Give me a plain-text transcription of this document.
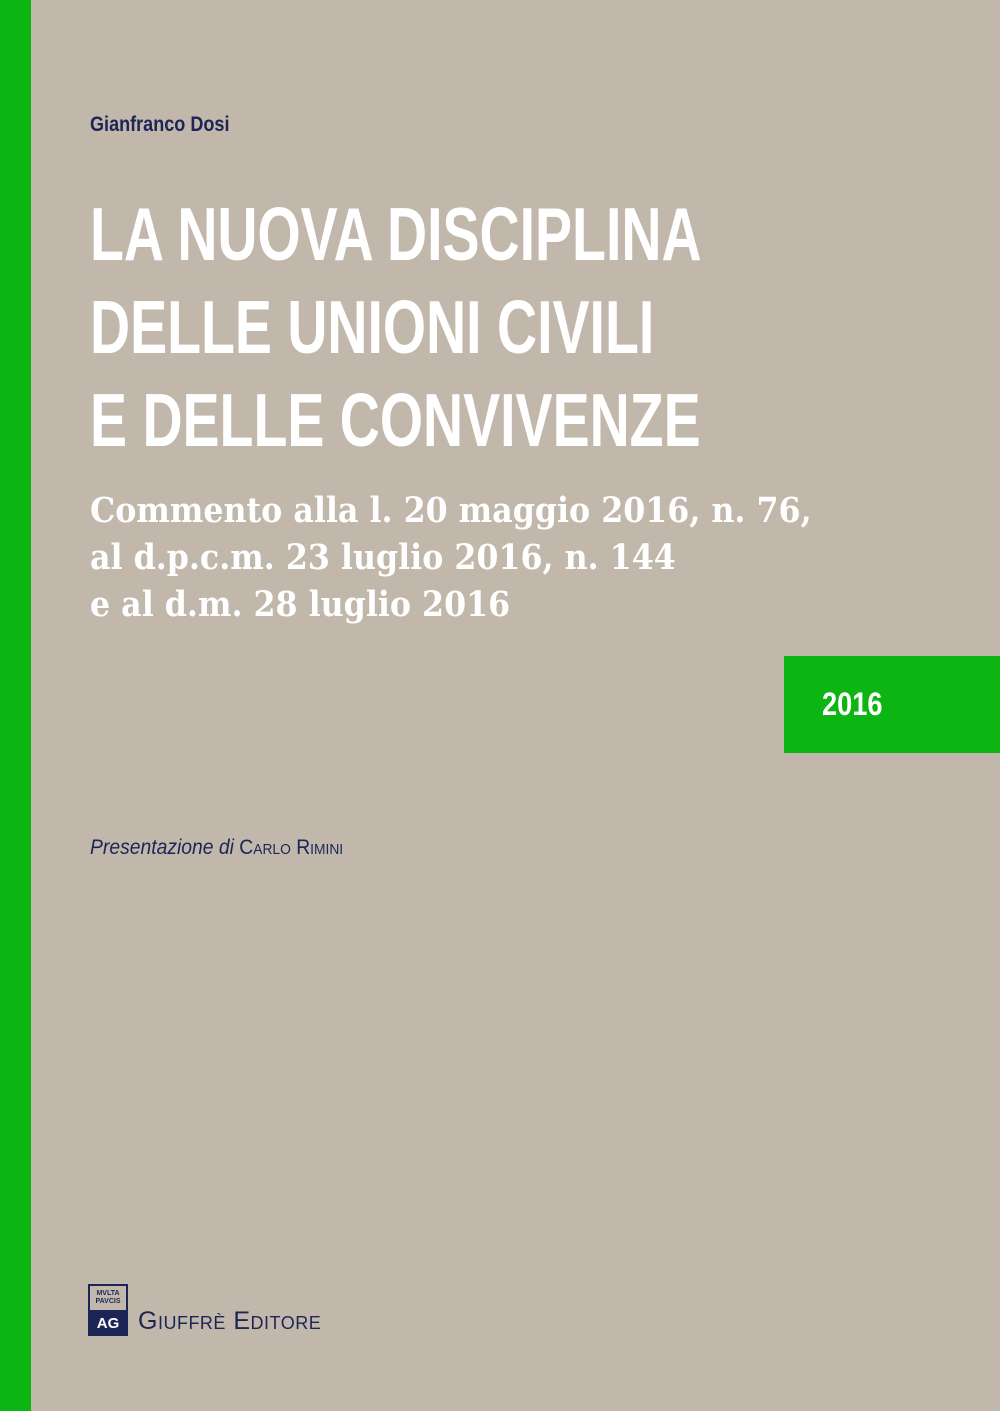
Gianfranco Dosi
LA NUOVA DISCIPLINA
DELLE UNIONI CIVILI
E DELLE CONVIVENZE
Commento alla l. 20 maggio 2016, n. 76,
al d.p.c.m. 23 luglio 2016, n. 144
e al d.m. 28 luglio 2016
2016
Presentazione di Carlo Rimini
MVLTA
PAVCIS
AG Giuffrè Editore
